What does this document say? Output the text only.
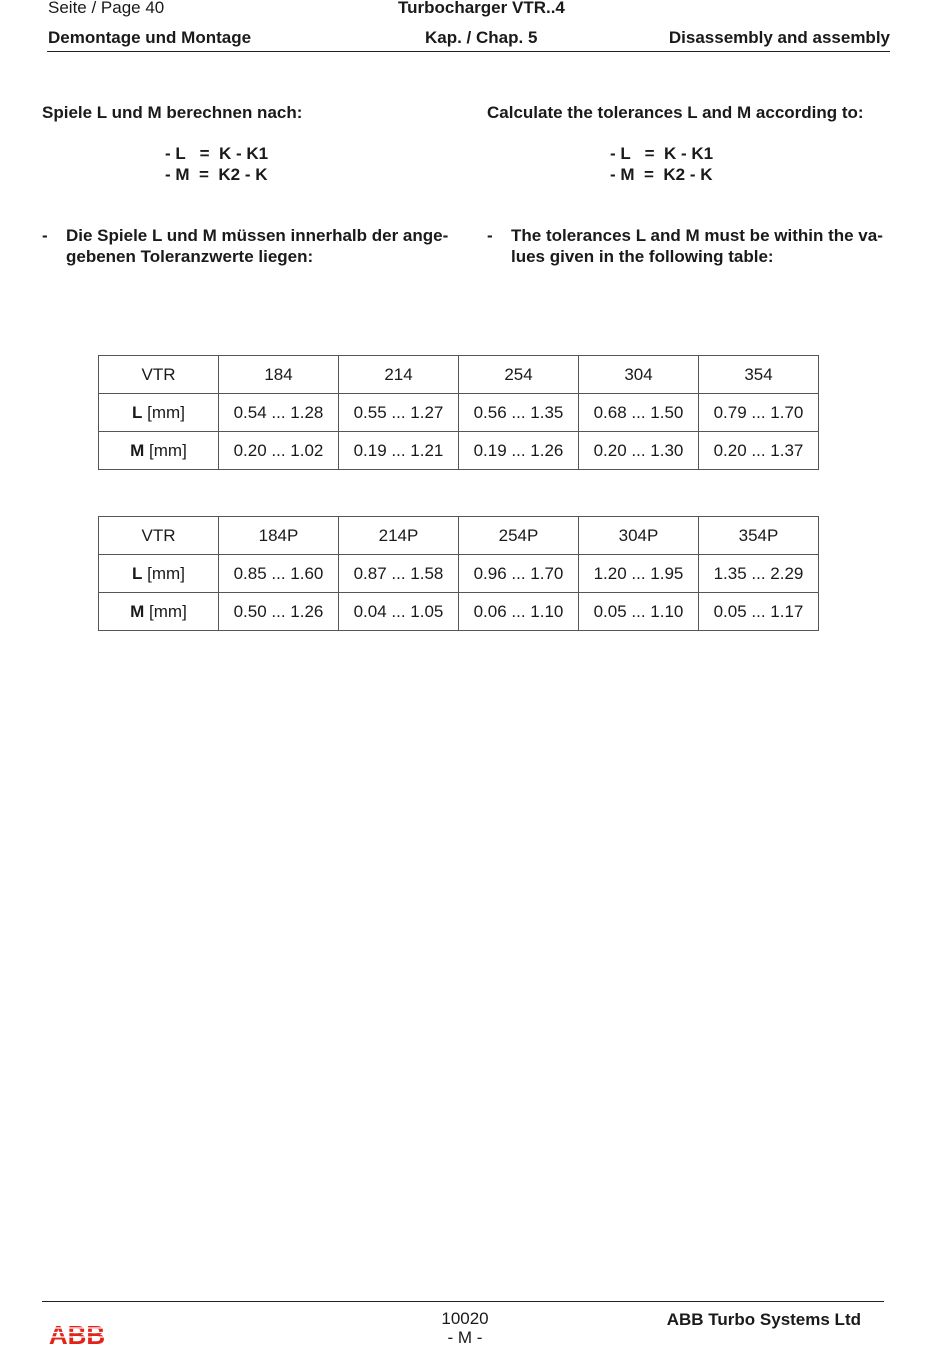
Seite / Page 40	Turbocharger VTR..4
Demontage und Montage	Kap. / Chap. 5	Disassembly and assembly
Spiele L und M berechnen nach:	Calculate the tolerances L and M according to:
- L   =  K - K1
- M  =  K2 - K
- L   =  K - K1
- M  =  K2 - K
-	Die Spiele L und M müssen innerhalb der ange-
gebenen Toleranzwerte liegen:
-	The tolerances L and M must be within the va-
lues given in the following table:
VTR	184	214	254	304	354
L [mm]	0.54 ... 1.28	0.55 ... 1.27	0.56 ... 1.35	0.68 ... 1.50	0.79 ... 1.70
M [mm]	0.20 ... 1.02	0.19 ... 1.21	0.19 ... 1.26	0.20 ... 1.30	0.20 ... 1.37
VTR	184P	214P	254P	304P	354P
L [mm]	0.85 ... 1.60	0.87 ... 1.58	0.96 ... 1.70	1.20 ... 1.95	1.35 ... 2.29
M [mm]	0.50 ... 1.26	0.04 ... 1.05	0.06 ... 1.10	0.05 ... 1.10	0.05 ... 1.17
ABB
10020
- M -
ABB Turbo Systems Ltd
